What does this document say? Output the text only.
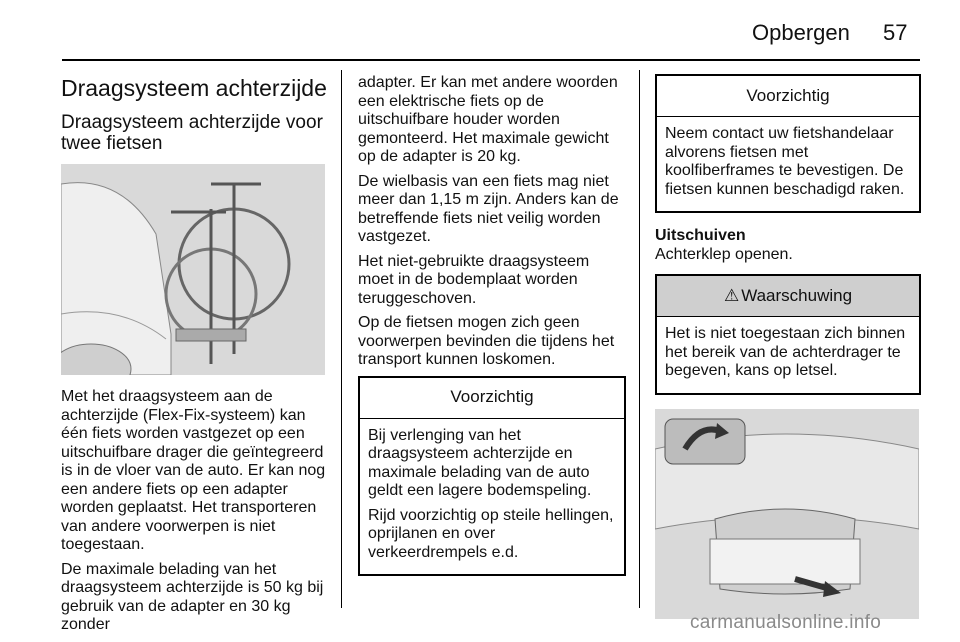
Opbergen 57
Draagsysteem achterzijde
Draagsysteem achterzijde voor twee fietsen

Met het draagsysteem aan de achterzijde (Flex-Fix-systeem) kan één fiets worden vastgezet op een uitschuifbare drager die geïntegreerd is in de vloer van de auto. Er kan nog een andere fiets op een adapter worden geplaatst. Het transporteren van andere voorwerpen is niet toegestaan.

De maximale belading van het draagsysteem achterzijde is 50 kg bij gebruik van de adapter en 30 kg zonder

adapter. Er kan met andere woorden een elektrische fiets op de uitschuifbare houder worden gemonteerd. Het maximale gewicht op de adapter is 20 kg.

De wielbasis van een fiets mag niet meer dan 1,15 m zijn. Anders kan de betreffende fiets niet veilig worden vastgezet.

Het niet-gebruikte draagsysteem moet in de bodemplaat worden teruggeschoven.

Op de fietsen mogen zich geen voorwerpen bevinden die tijdens het transport kunnen loskomen.

Voorzichtig

Bij verlenging van het draagsysteem achterzijde en maximale belading van de auto geldt een lagere bodemspeling.

Rijd voorzichtig op steile hellingen, oprijlanen en over verkeerdrempels e.d.

Voorzichtig

Neem contact uw fietshandelaar alvorens fietsen met koolfiberframes te bevestigen. De fietsen kunnen beschadigd raken.

Uitschuiven

Achterklep openen.

⚠ Waarschuwing

Het is niet toegestaan zich binnen het bereik van de achterdrager te begeven, kans op letsel.

carmanualsonline.info
